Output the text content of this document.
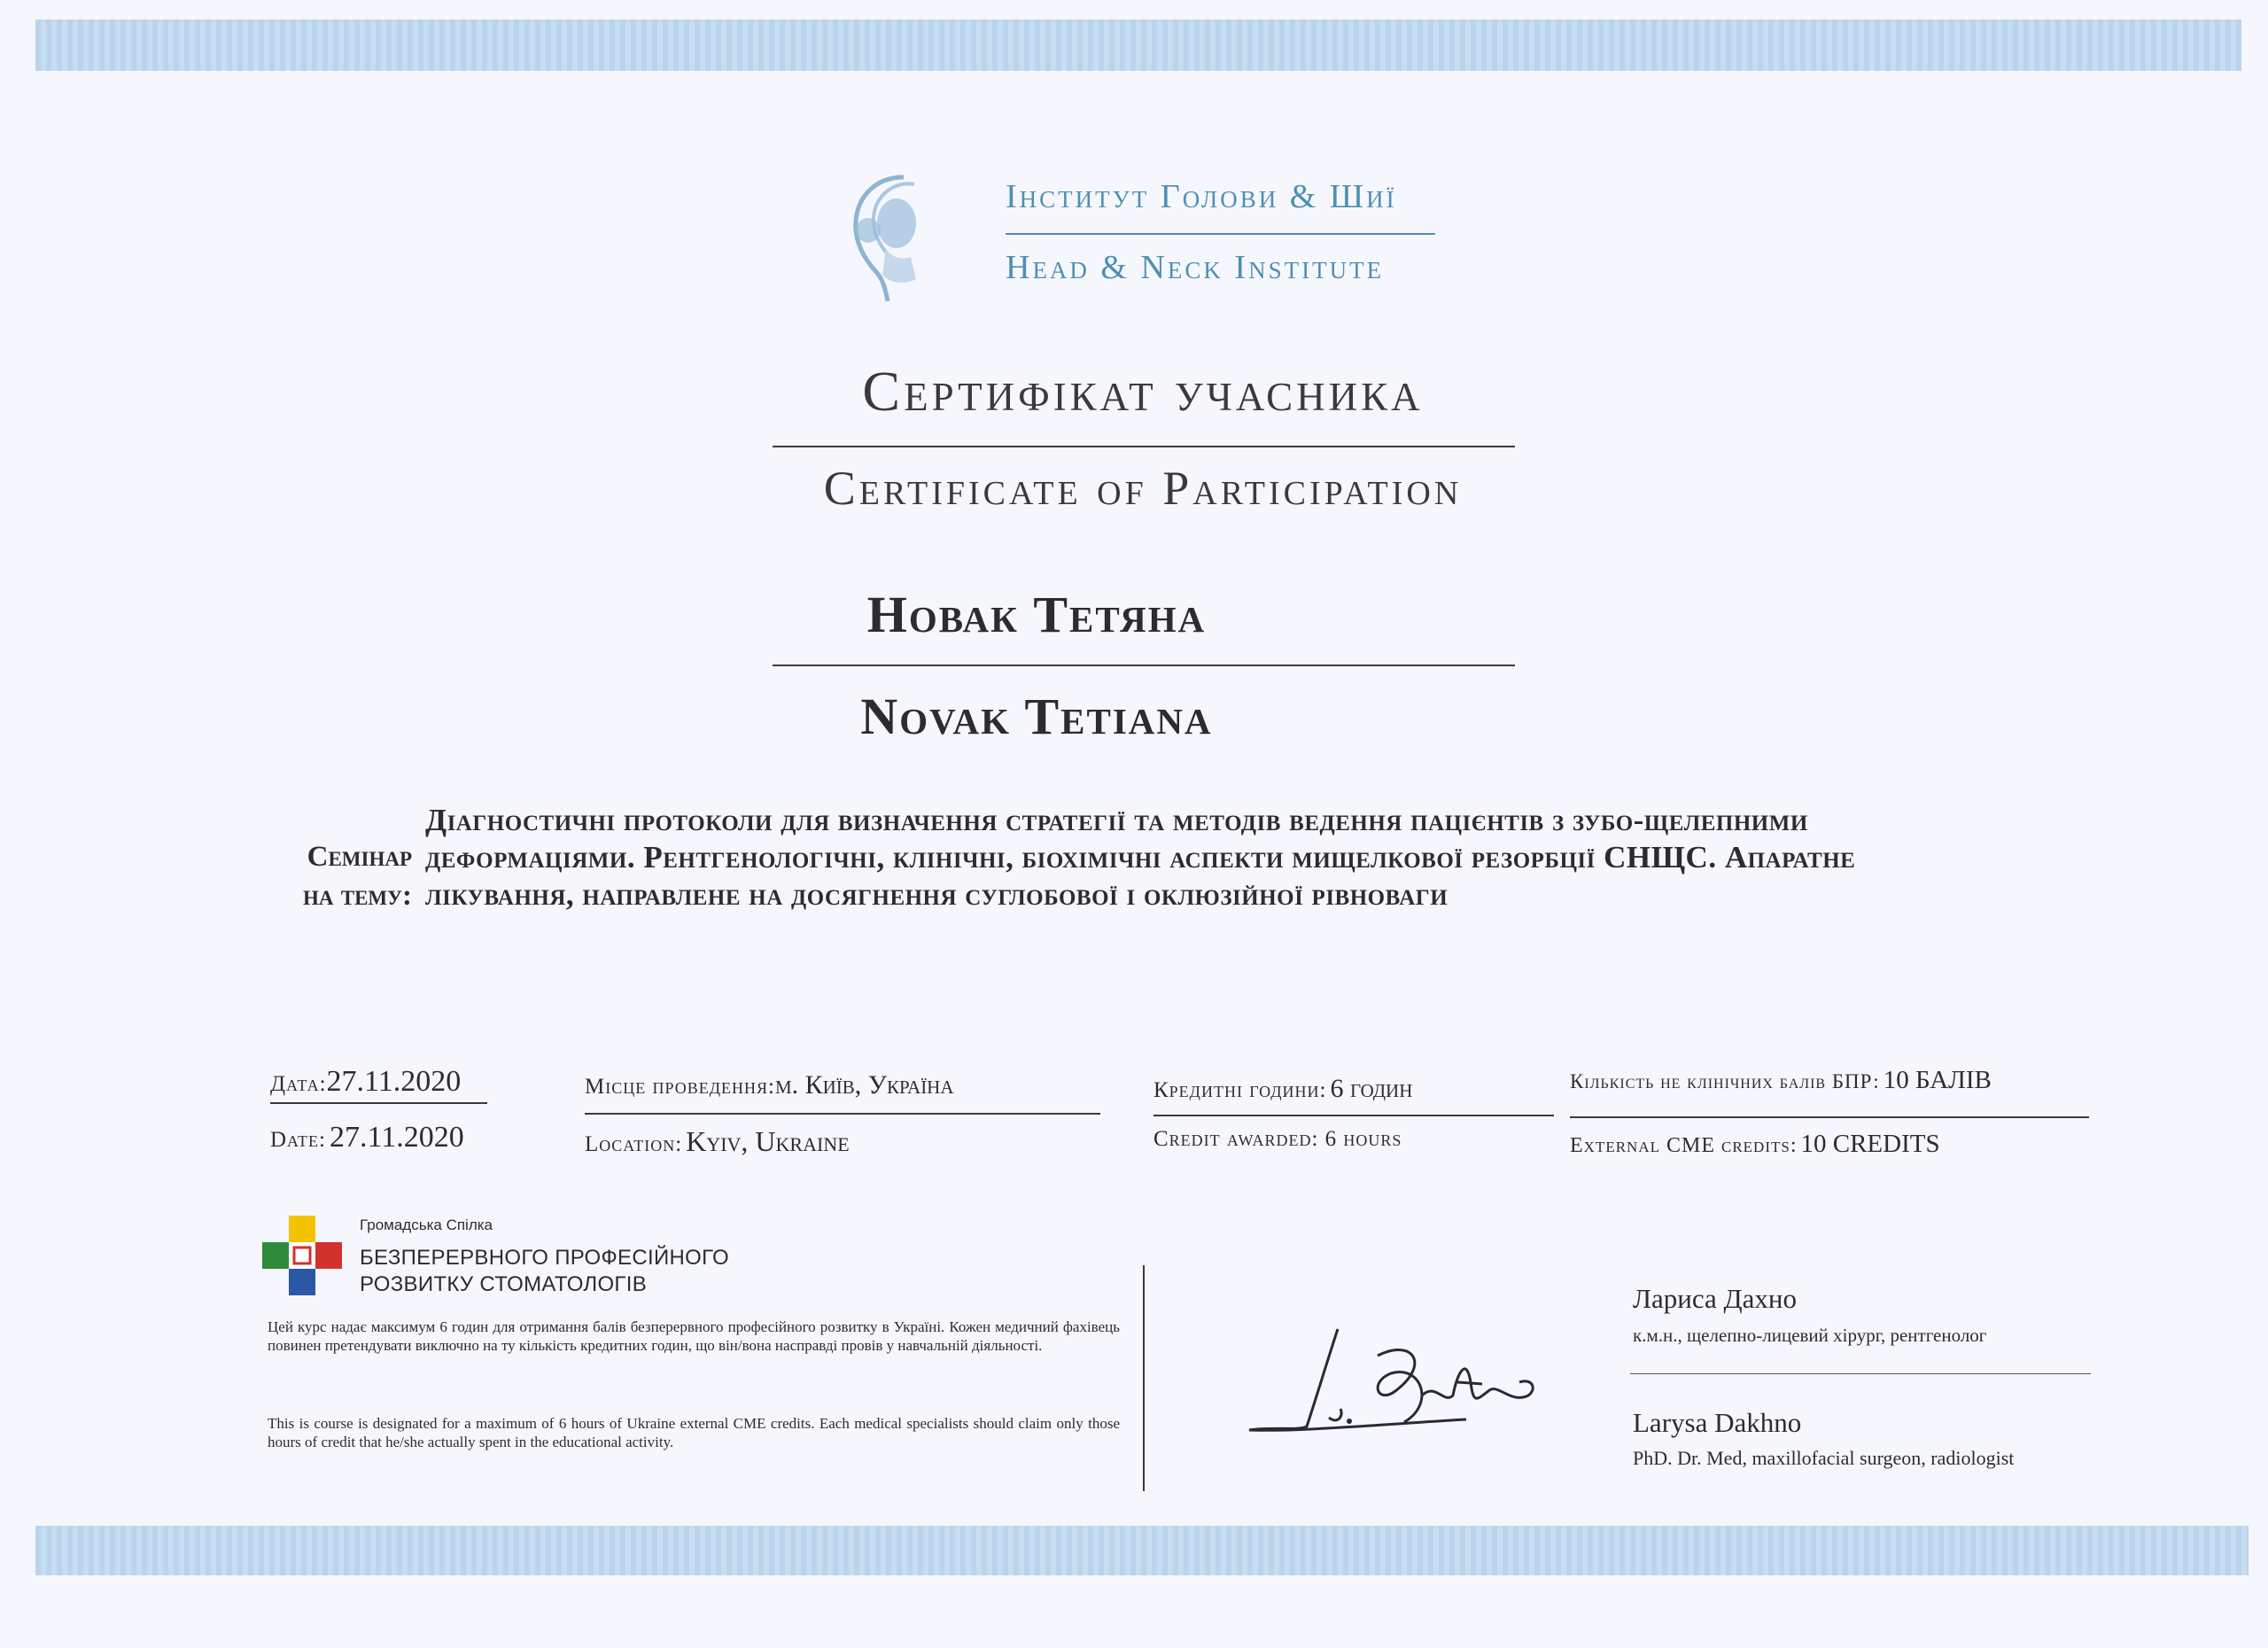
Інститут Голови & Шиї
Head & Neck Institute
Сертифікат учасника
Certificate of Participation
Новак Тетяна
Novak Tetiana
Семінар
на тему:
Діагностичні протоколи для визначення стратегії та методів ведення пацієнтів з зубо-щелепними деформаціями. Рентгенологічні, клінічні, біохімічні аспекти мищелкової резорбції СНЩС. Апаратне лікування, направлене на досягнення суглобової і оклюзійної рівноваги
Дата:27.11.2020
Date: 27.11.2020
Місце проведення:м. Київ, Україна
Location: Kyiv, Ukraine
Кредитні години: 6 годин
Credit awarded: 6 hours
Кількість не клінічних балів БПР: 10 БАЛІВ
External CME credits: 10 CREDITS
Громадська Спілка
БЕЗПЕРЕРВНОГО ПРОФЕСІЙНОГО
РОЗВИТКУ СТОМАТОЛОГІВ
Цей курс надає максимум 6 годин для отримання балів безперервного професійного розвитку в Україні. Кожен медичний фахівець повинен претендувати виключно на ту кількість кредитних годин, що він/вона насправді провів у навчальній діяльності.
This is course is designated for a maximum of 6 hours of Ukraine external CME credits. Each medical specialists should claim only those hours of credit that he/she actually spent in the educational activity.
Лариса Дахно
к.м.н., щелепно-лицевий хірург, рентгенолог
Larysa Dakhno
PhD. Dr. Med, maxillofacial surgeon, radiologist
